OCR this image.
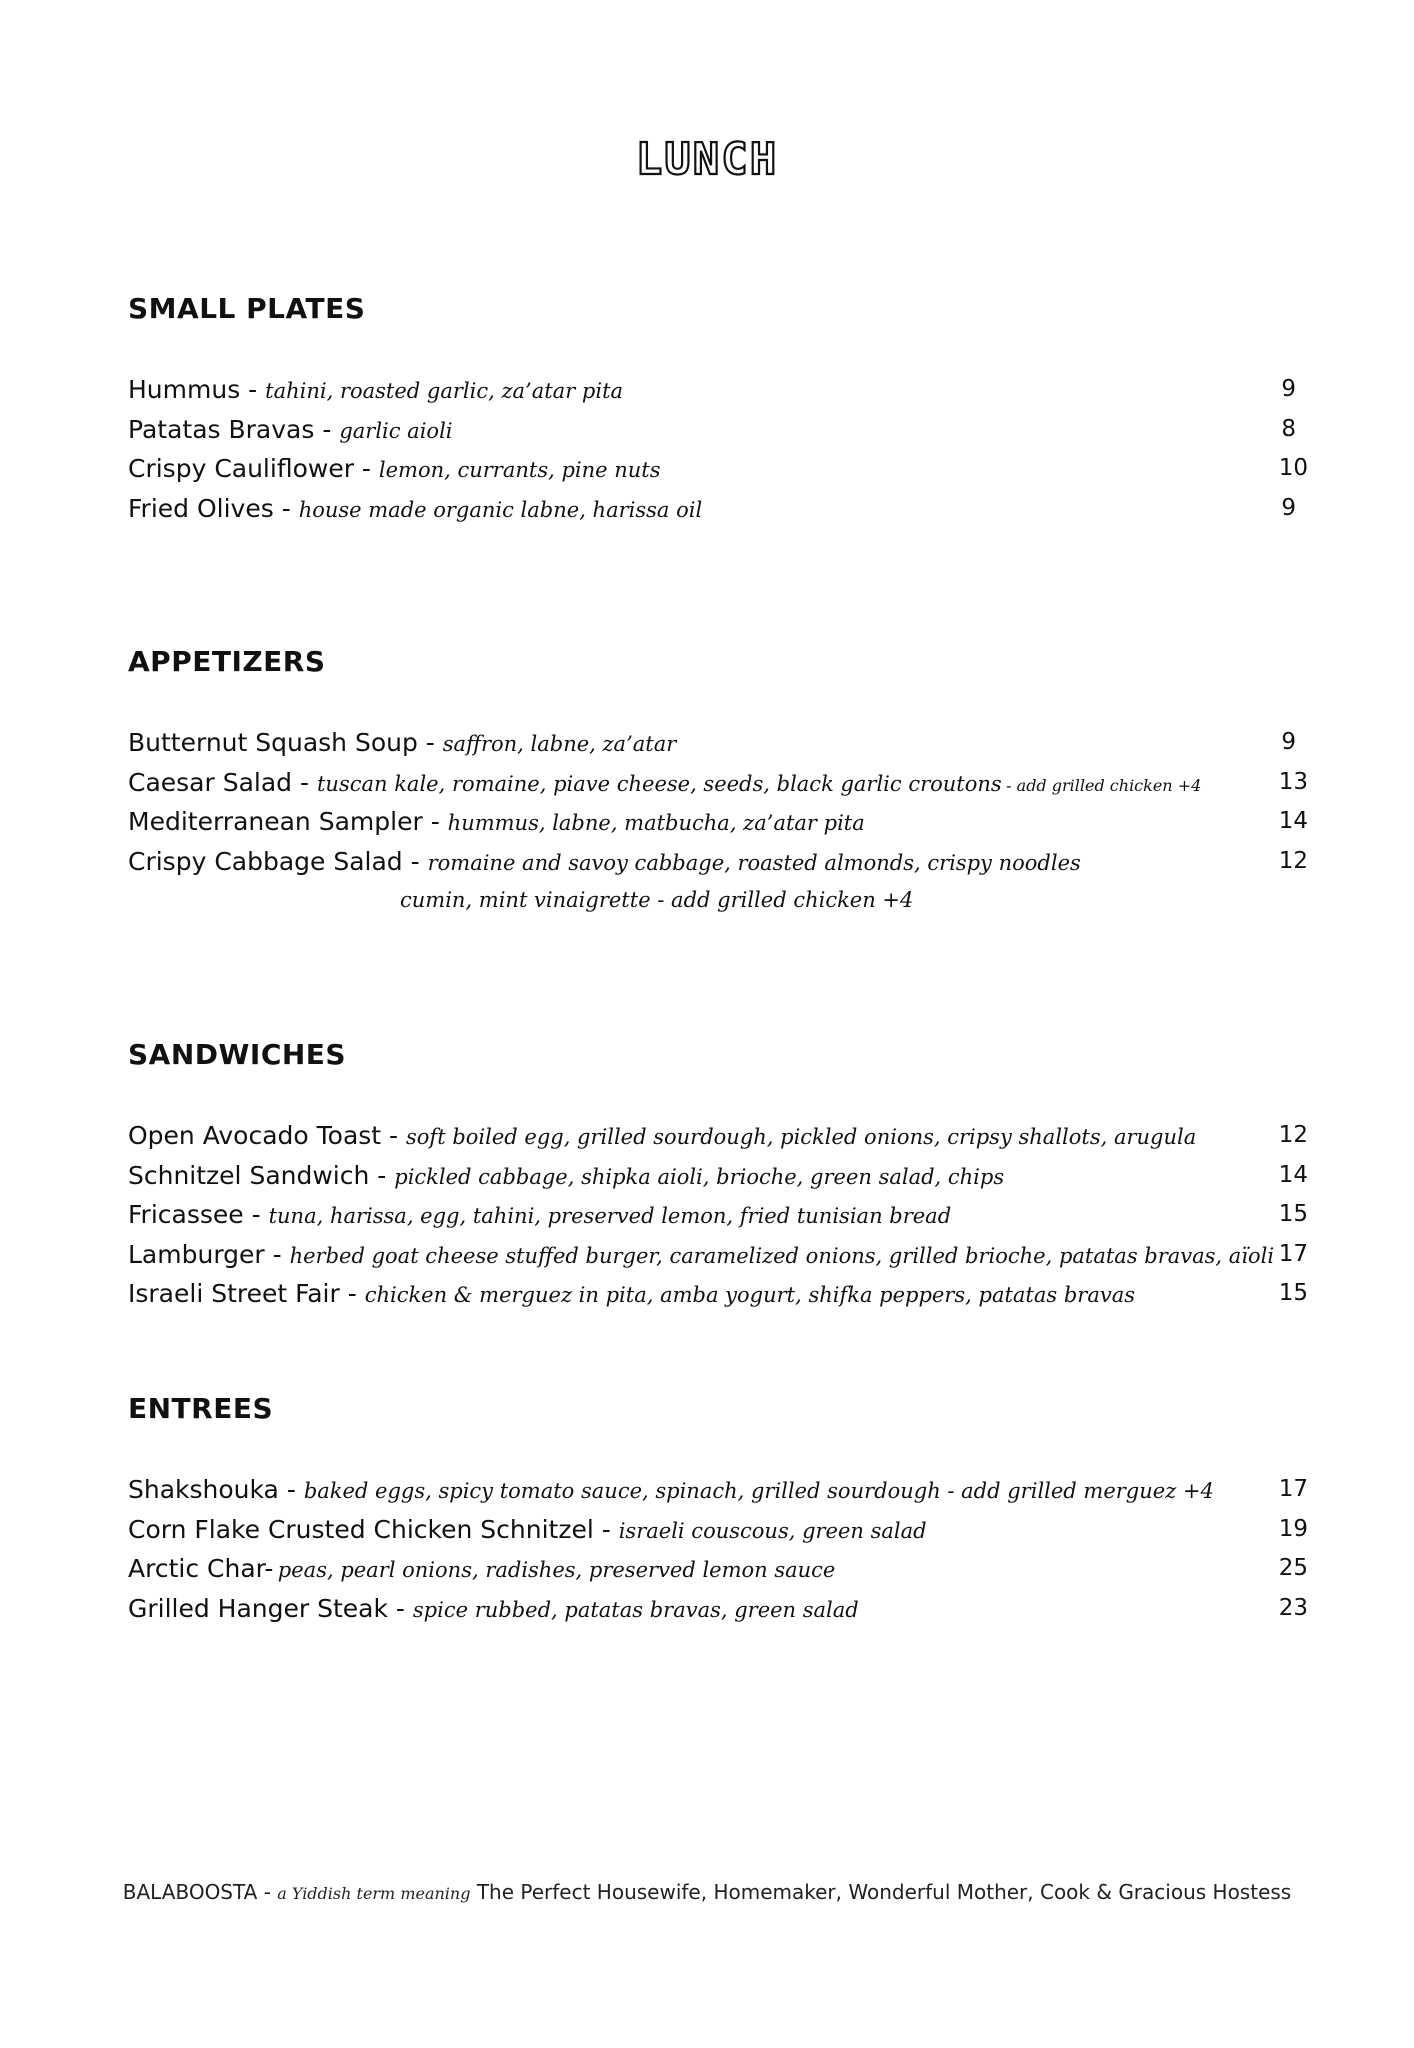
LUNCH
SMALL PLATES
Hummus - tahini, roasted garlic, za’atar pita	9
Patatas Bravas - garlic aioli	8
Crispy Cauliflower - lemon, currants, pine nuts	10
Fried Olives - house made organic labne, harissa oil	9
APPETIZERS
Butternut Squash Soup - saffron, labne, za’atar	9
Caesar Salad - tuscan kale, romaine, piave cheese, seeds, black garlic croutons - add grilled chicken +4	13
Mediterranean Sampler - hummus, labne, matbucha, za’atar pita	14
Crispy Cabbage Salad - romaine and savoy cabbage, roasted almonds, crispy noodles	12
cumin, mint vinaigrette - add grilled chicken +4
SANDWICHES
Open Avocado Toast - soft boiled egg, grilled sourdough, pickled onions, cripsy shallots, arugula	12
Schnitzel Sandwich - pickled cabbage, shipka aioli, brioche, green salad, chips	14
Fricassee - tuna, harissa, egg, tahini, preserved lemon, fried tunisian bread	15
Lamburger - herbed goat cheese stuffed burger, caramelized onions, grilled brioche, patatas bravas, aïoli 17
Israeli Street Fair - chicken & merguez in pita, amba yogurt, shifka peppers, patatas bravas	15
ENTREES
Shakshouka - baked eggs, spicy tomato sauce, spinach, grilled sourdough - add grilled merguez +4	17
Corn Flake Crusted Chicken Schnitzel - israeli couscous, green salad	19
Arctic Char- peas, pearl onions, radishes, preserved lemon sauce	25
Grilled Hanger Steak - spice rubbed, patatas bravas, green salad	23
BALABOOSTA - a Yiddish term meaning The Perfect Housewife, Homemaker, Wonderful Mother, Cook & Gracious Hostess
